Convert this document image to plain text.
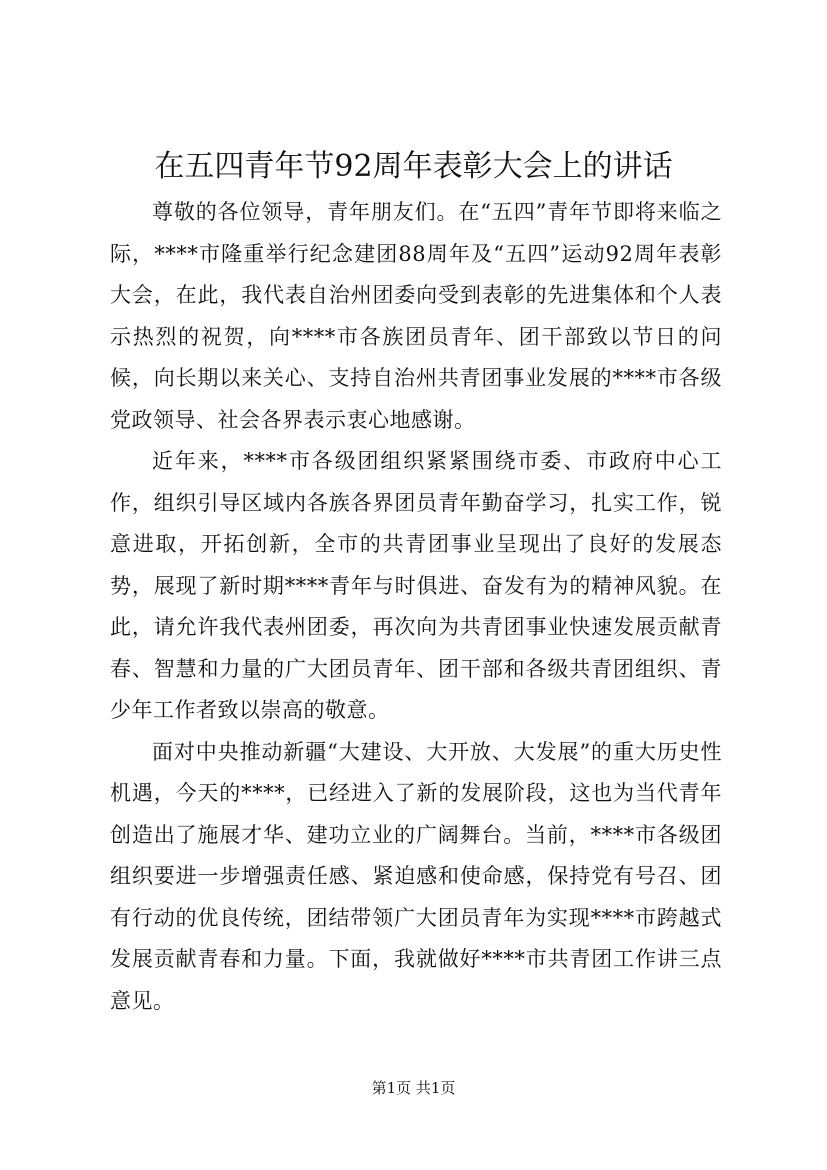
在五四青年节92周年表彰大会上的讲话

尊敬的各位领导，青年朋友们。在“五四”青年节即将来临之际，****市隆重举行纪念建团88周年及“五四”运动92周年表彰大会，在此，我代表自治州团委向受到表彰的先进集体和个人表示热烈的祝贺，向****市各族团员青年、团干部致以节日的问候，向长期以来关心、支持自治州共青团事业发展的****市各级党政领导、社会各界表示衷心地感谢。

近年来，****市各级团组织紧紧围绕市委、市政府中心工作，组织引导区域内各族各界团员青年勤奋学习，扎实工作，锐意进取，开拓创新，全市的共青团事业呈现出了良好的发展态势，展现了新时期****青年与时俱进、奋发有为的精神风貌。在此，请允许我代表州团委，再次向为共青团事业快速发展贡献青春、智慧和力量的广大团员青年、团干部和各级共青团组织、青少年工作者致以崇高的敬意。

面对中央推动新疆“大建设、大开放、大发展”的重大历史性机遇，今天的****，已经进入了新的发展阶段，这也为当代青年创造出了施展才华、建功立业的广阔舞台。当前，****市各级团组织要进一步增强责任感、紧迫感和使命感，保持党有号召、团有行动的优良传统，团结带领广大团员青年为实现****市跨越式发展贡献青春和力量。下面，我就做好****市共青团工作讲三点意见。

第1页 共1页
